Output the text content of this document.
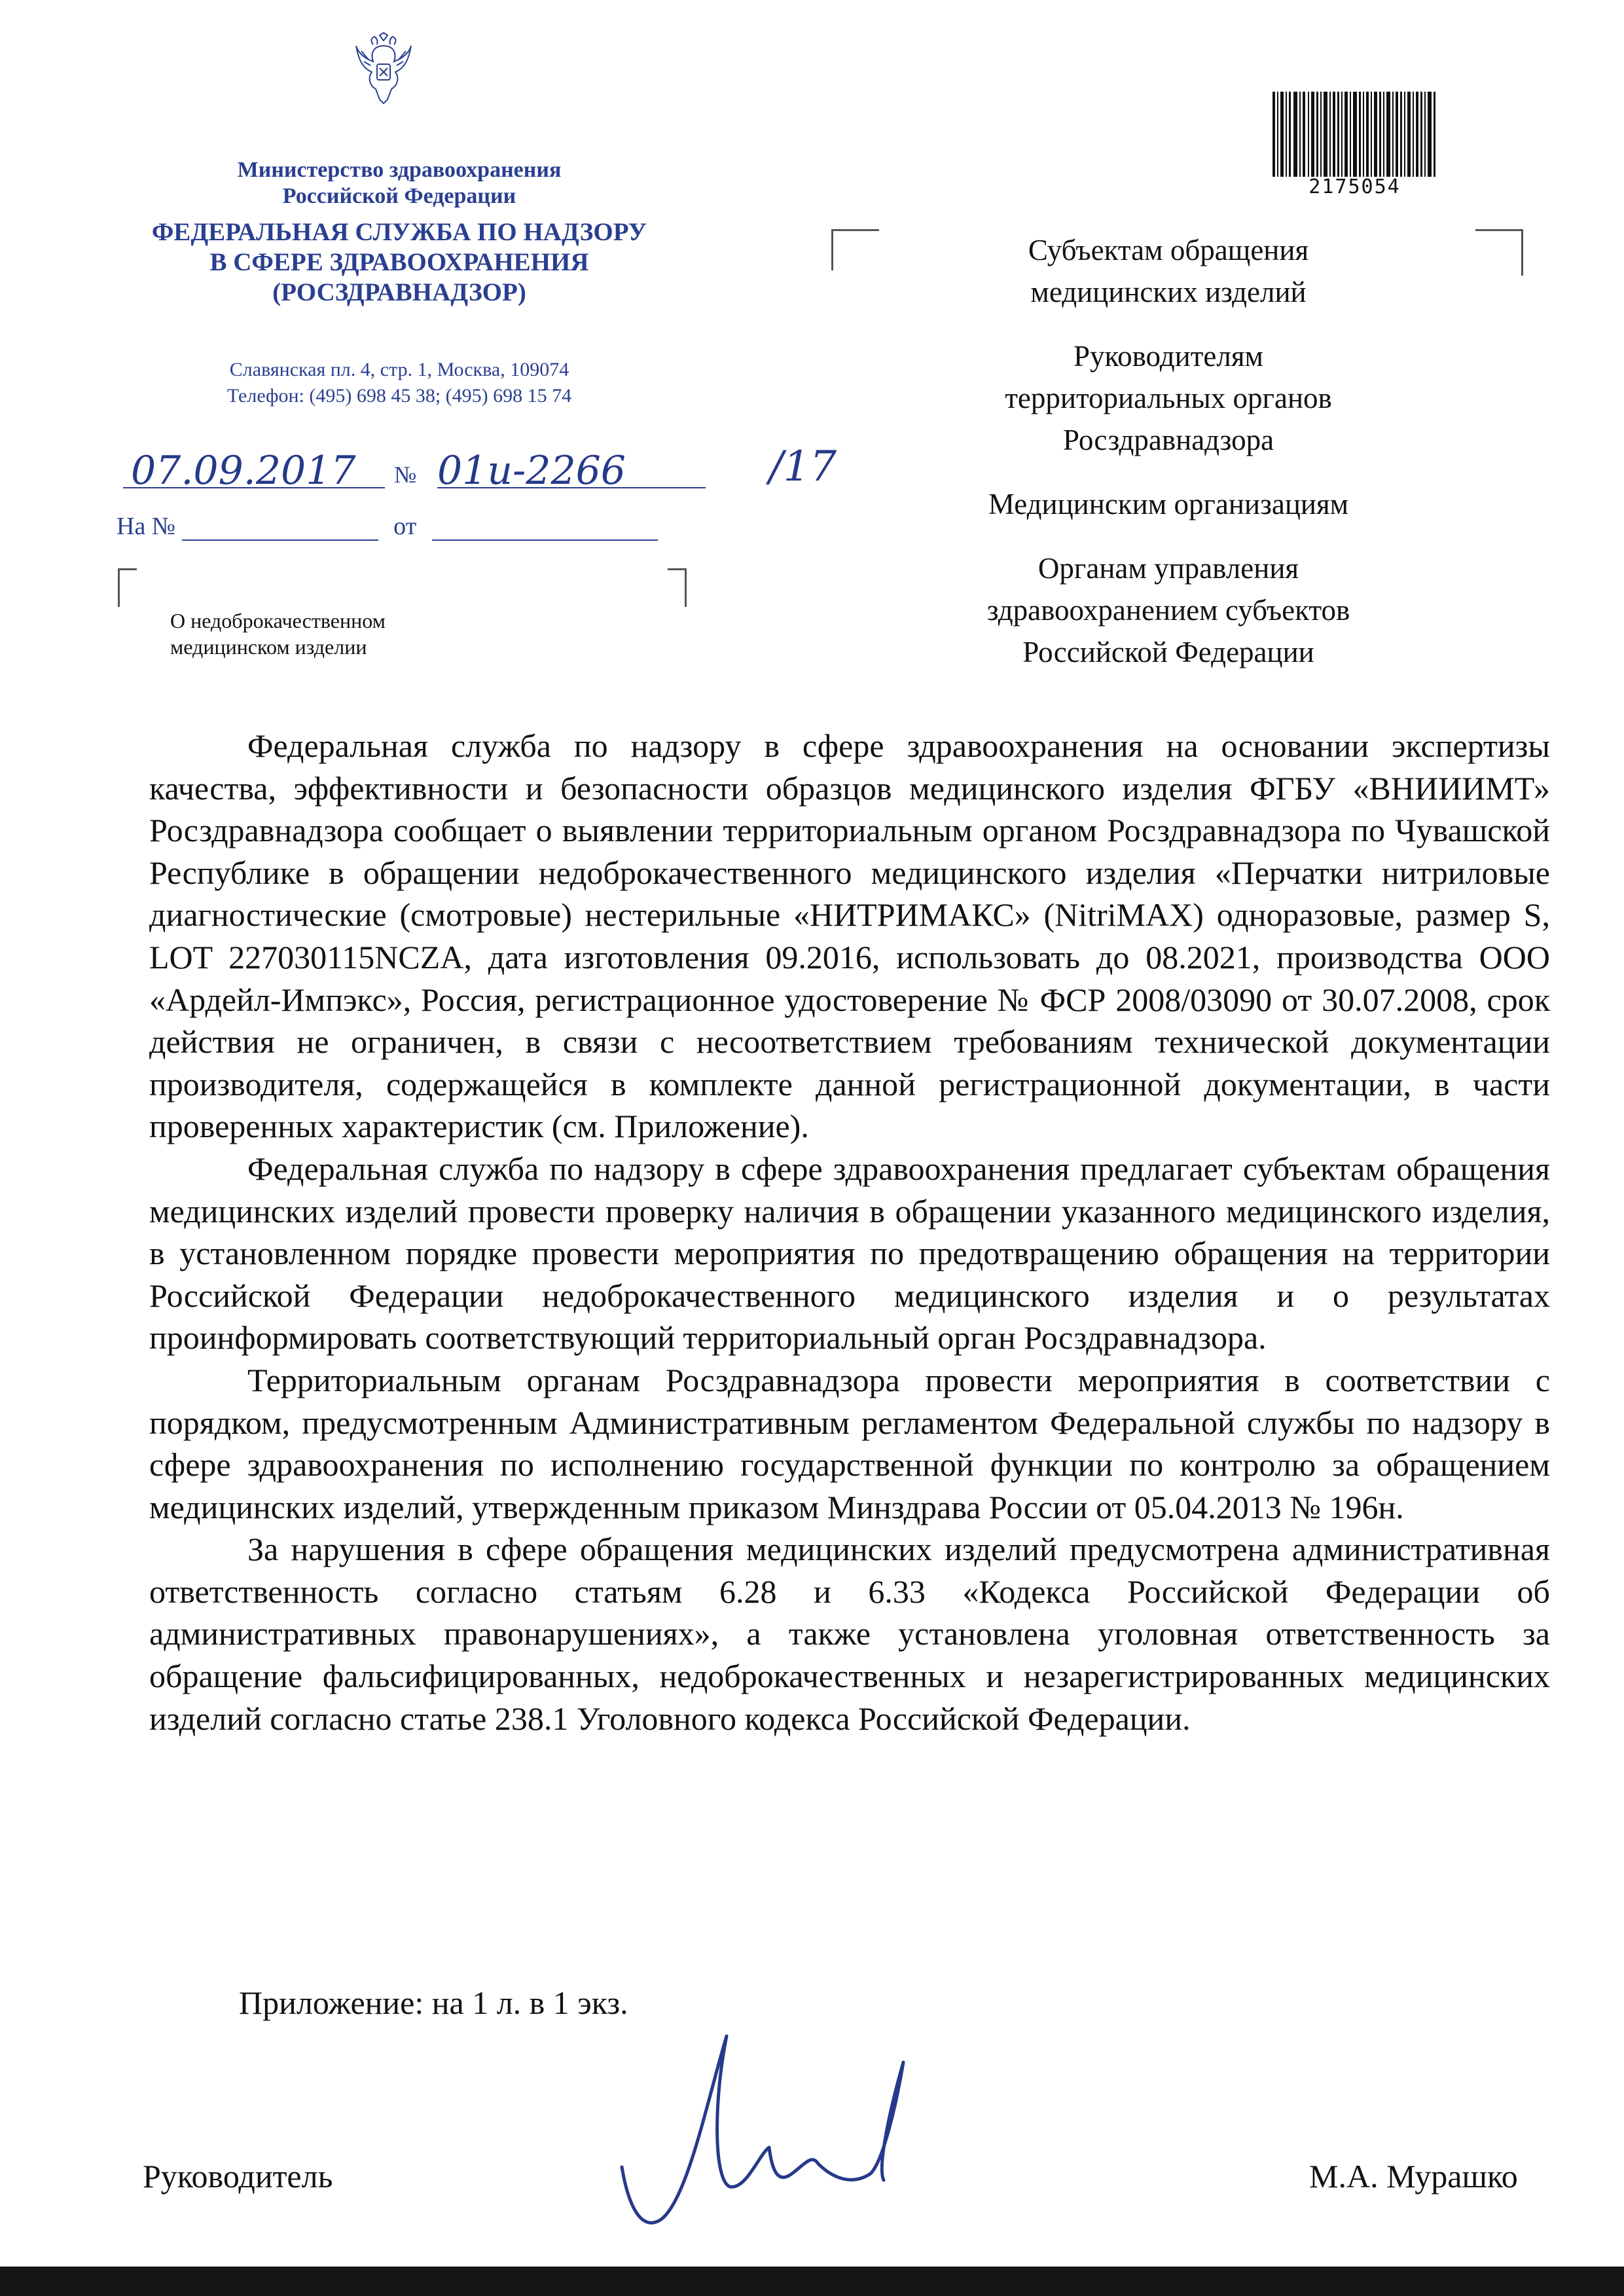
Министерство здравоохранения
Российской Федерации
ФЕДЕРАЛЬНАЯ СЛУЖБА ПО НАДЗОРУ
В СФЕРЕ ЗДРАВООХРАНЕНИЯ
(РОСЗДРАВНАДЗОР)
Славянская пл. 4, стр. 1, Москва, 109074
Телефон: (495) 698 45 38; (495) 698 15 74
07.09.2017 № 01и-2266	/17
На №	от
О недоброкачественном
медицинском изделии
2175054

Субъектам обращения
медицинских изделий

Руководителям
территориальных органов
Росздравнадзора

Медицинским организациям

Органам управления
здравоохранением субъектов
Российской Федерации

Федеральная служба по надзору в сфере здравоохранения на основании экспертизы качества, эффективности и безопасности образцов медицинского изделия ФГБУ «ВНИИИМТ» Росздравнадзора сообщает о выявлении территориальным органом Росздравнадзора по Чувашской Республике в обращении недоброкачественного медицинского изделия «Перчатки нитриловые диагностические (смотровые) нестерильные «НИТРИМАКС» (NitriMAX) одноразовые, размер S, LOT 227030115NCZA, дата изготовления 09.2016, использовать до 08.2021, производства ООО «Ардейл-Импэкс», Россия, регистрационное удостоверение № ФСР 2008/03090 от 30.07.2008, срок действия не ограничен, в связи с несоответствием требованиям технической документации производителя, содержащейся в комплекте данной регистрационной документации, в части проверенных характеристик (см. Приложение).

Федеральная служба по надзору в сфере здравоохранения предлагает субъектам обращения медицинских изделий провести проверку наличия в обращении указанного медицинского изделия, в установленном порядке провести мероприятия по предотвращению обращения на территории Российской Федерации недоброкачественного медицинского изделия и о результатах проинформировать соответствующий территориальный орган Росздравнадзора.

Территориальным органам Росздравнадзора провести мероприятия в соответствии с порядком, предусмотренным Административным регламентом Федеральной службы по надзору в сфере здравоохранения по исполнению государственной функции по контролю за обращением медицинских изделий, утвержденным приказом Минздрава России от 05.04.2013 № 196н.

За нарушения в сфере обращения медицинских изделий предусмотрена административная ответственность согласно статьям 6.28 и 6.33 «Кодекса Российской Федерации об административных правонарушениях», а также установлена уголовная ответственность за обращение фальсифицированных, недоброкачественных и незарегистрированных медицинских изделий согласно статье 238.1 Уголовного кодекса Российской Федерации.

Приложение: на 1 л. в 1 экз.
Руководитель	М.А. Мурашко
